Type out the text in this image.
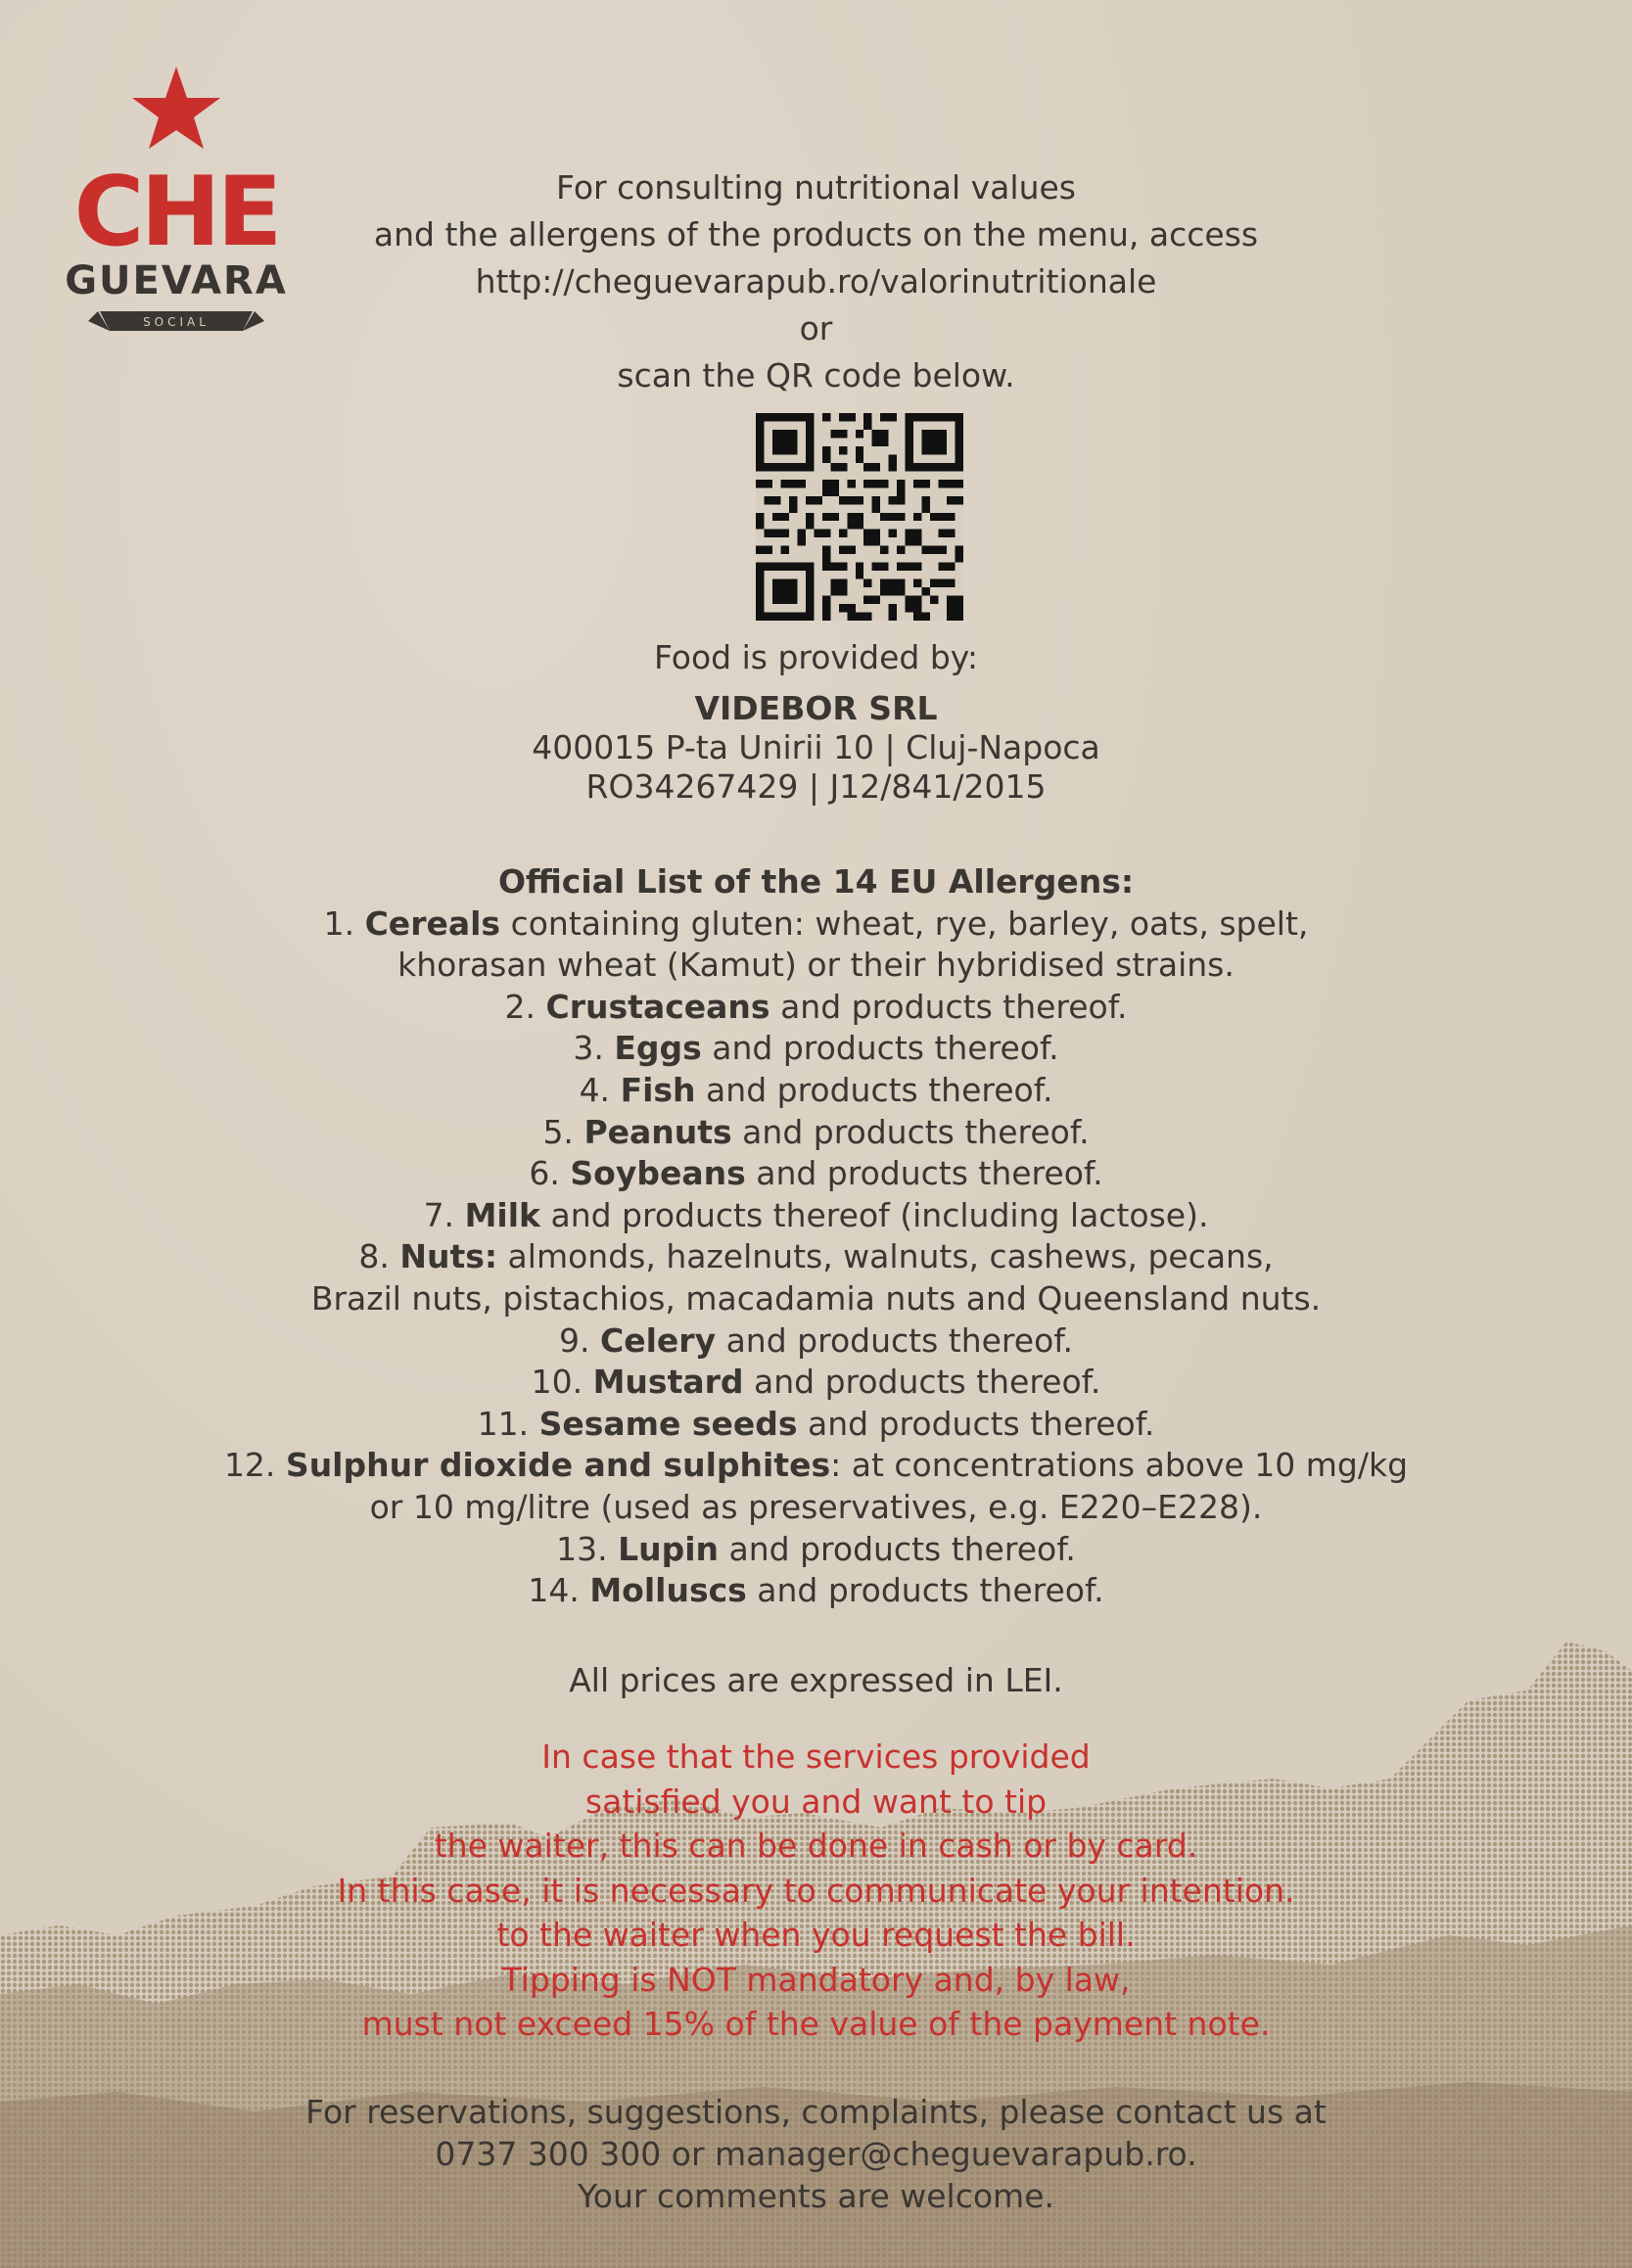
CHE
GUEVARA
SOCIAL
For consulting nutritional values
and the allergens of the products on the menu, access
http://cheguevarapub.ro/valorinutritionale
or
scan the QR code below.
Food is provided by:
VIDEBOR SRL
400015 P-ta Unirii 10 | Cluj-Napoca
RO34267429 | J12/841/2015
Official List of the 14 EU Allergens:
1. Cereals containing gluten: wheat, rye, barley, oats, spelt,
khorasan wheat (Kamut) or their hybridised strains.
2. Crustaceans and products thereof.
3. Eggs and products thereof.
4. Fish and products thereof.
5. Peanuts and products thereof.
6. Soybeans and products thereof.
7. Milk and products thereof (including lactose).
8. Nuts: almonds, hazelnuts, walnuts, cashews, pecans,
Brazil nuts, pistachios, macadamia nuts and Queensland nuts.
9. Celery and products thereof.
10. Mustard and products thereof.
11. Sesame seeds and products thereof.
12. Sulphur dioxide and sulphites: at concentrations above 10 mg/kg
or 10 mg/litre (used as preservatives, e.g. E220–E228).
13. Lupin and products thereof.
14. Molluscs and products thereof.
All prices are expressed in LEI.
In case that the services provided
satisfied you and want to tip
the waiter, this can be done in cash or by card.
In this case, it is necessary to communicate your intention.
to the waiter when you request the bill.
Tipping is NOT mandatory and, by law,
must not exceed 15% of the value of the payment note.
For reservations, suggestions, complaints, please contact us at
0737 300 300 or manager@cheguevarapub.ro.
Your comments are welcome.
